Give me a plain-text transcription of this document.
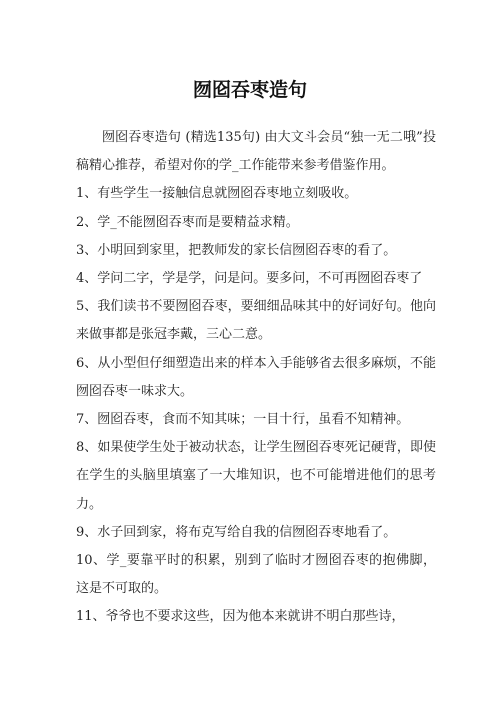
囫囵吞枣造句

囫囵吞枣造句 (精选135句) 由大文斗会员“独一无二哦”投稿精心推荐，希望对你的学_工作能带来参考借鉴作用。

1、有些学生一接触信息就囫囵吞枣地立刻吸收。

2、学_不能囫囵吞枣而是要精益求精。

3、小明回到家里，把教师发的家长信囫囵吞枣的看了。

4、学问二字，学是学，问是问。要多问，不可再囫囵吞枣了

5、我们读书不要囫囵吞枣，要细细品味其中的好词好句。他向来做事都是张冠李戴，三心二意。

6、从小型但仔细塑造出来的样本入手能够省去很多麻烦，不能囫囵吞枣一味求大。

7、囫囵吞枣，食而不知其味；一目十行，虽看不知精神。

8、如果使学生处于被动状态，让学生囫囵吞枣死记硬背，即使在学生的头脑里填塞了一大堆知识，也不可能增进他们的思考力。

9、水子回到家，将布克写给自我的信囫囵吞枣地看了。

10、学_要靠平时的积累，别到了临时才囫囵吞枣的抱佛脚，这是不可取的。

11、爷爷也不要求这些，因为他本来就讲不明白那些诗，
